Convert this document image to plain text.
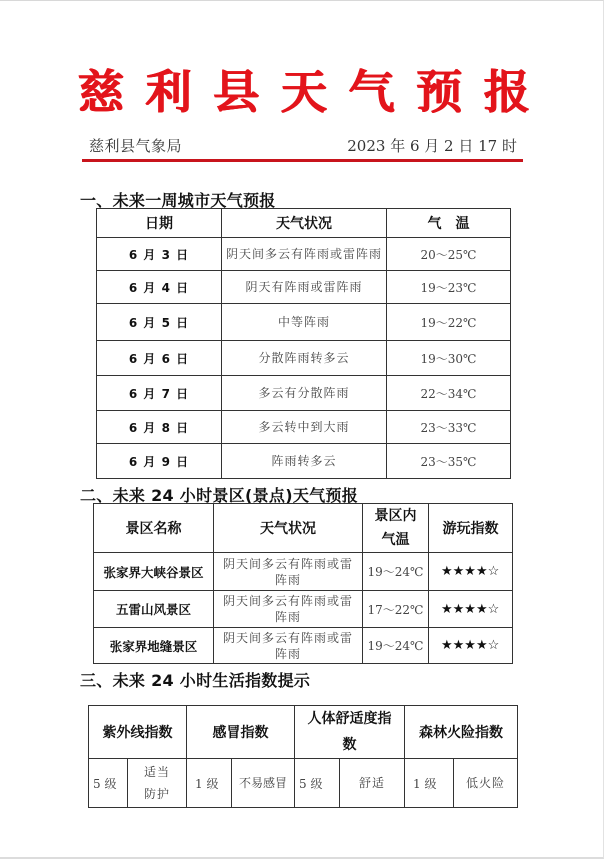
慈 利 县 天 气 预 报
慈利县气象局	2023 年 6 月 2 日 17 时
一、未来一周城市天气预报
日期	天气状况	气　温
6 月 3 日	阴天间多云有阵雨或雷阵雨	20～25℃
6 月 4 日	阴天有阵雨或雷阵雨	19～23℃
6 月 5 日	中等阵雨	19～22℃
6 月 6 日	分散阵雨转多云	19～30℃
6 月 7 日	多云有分散阵雨	22～34℃
6 月 8 日	多云转中到大雨	23～33℃
6 月 9 日	阵雨转多云	23～35℃
二、未来 24 小时景区(景点)天气预报
景区名称	天气状况	景区内气温	游玩指数
张家界大峡谷景区	阴天间多云有阵雨或雷阵雨	19～24℃	★★★★☆
五雷山风景区	阴天间多云有阵雨或雷阵雨	17～22℃	★★★★☆
张家界地缝景区	阴天间多云有阵雨或雷阵雨	19～24℃	★★★★☆
三、未来 24 小时生活指数提示
紫外线指数		感冒指数		人体舒适度指数		森林火险指数	
5 级	适当防护	1 级	不易感冒	5 级	舒适	1 级	低火险
